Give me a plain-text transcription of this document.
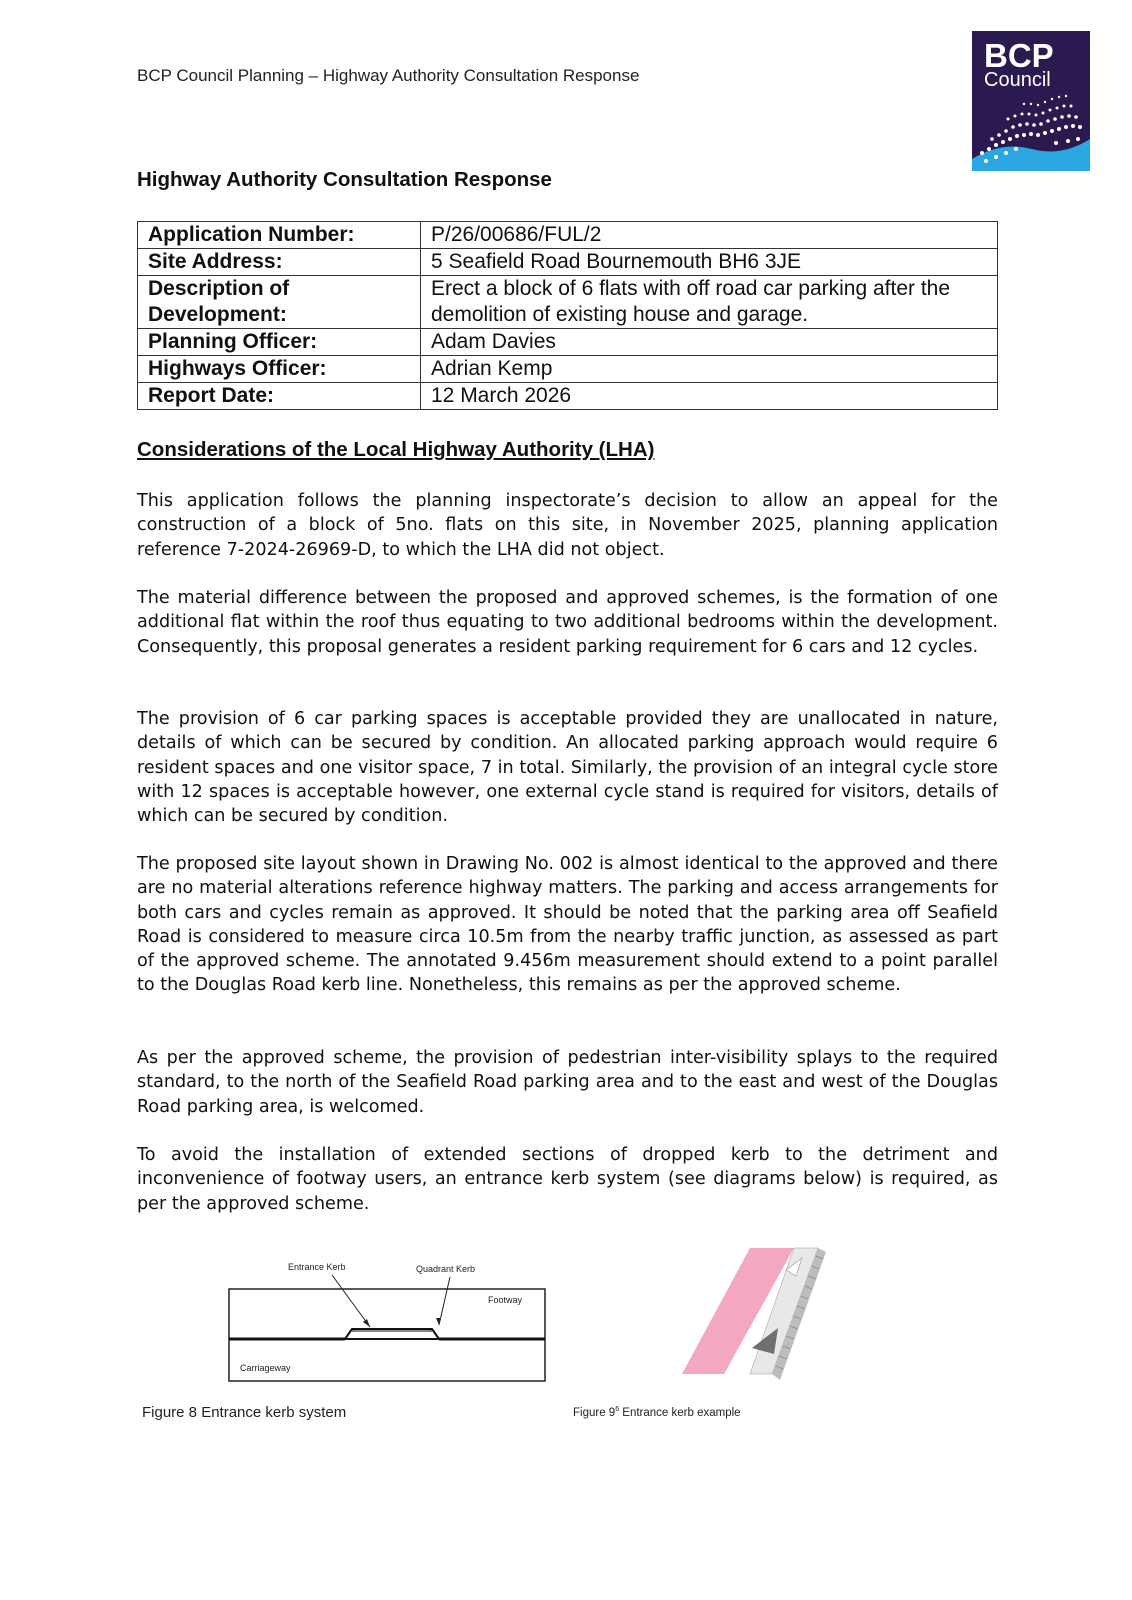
BCP Council Planning – Highway Authority Consultation Response
BCP
Council
Highway Authority Consultation Response
Application Number:	P/26/00686/FUL/2
Site Address:	5 Seafield Road Bournemouth BH6 3JE
Description of Development:	Erect a block of 6 flats with off road car parking after the demolition of existing house and garage.
Planning Officer:	Adam Davies
Highways Officer:	Adrian Kemp
Report Date:	12 March 2026
Considerations of the Local Highway Authority (LHA)

This application follows the planning inspectorate’s decision to allow an appeal for the construction of a block of 5no. flats on this site, in November 2025, planning application reference 7-2024-26969-D, to which the LHA did not object.

The material difference between the proposed and approved schemes, is the formation of one additional flat within the roof thus equating to two additional bedrooms within the development. Consequently, this proposal generates a resident parking requirement for 6 cars and 12 cycles.

The provision of 6 car parking spaces is acceptable provided they are unallocated in nature, details of which can be secured by condition. An allocated parking approach would require 6 resident spaces and one visitor space, 7 in total. Similarly, the provision of an integral cycle store with 12 spaces is acceptable however, one external cycle stand is required for visitors, details of which can be secured by condition.

The proposed site layout shown in Drawing No. 002 is almost identical to the approved and there are no material alterations reference highway matters. The parking and access arrangements for both cars and cycles remain as approved. It should be noted that the parking area off Seafield Road is considered to measure circa 10.5m from the nearby traffic junction, as assessed as part of the approved scheme. The annotated 9.456m measurement should extend to a point parallel to the Douglas Road kerb line. Nonetheless, this remains as per the approved scheme.

As per the approved scheme, the provision of pedestrian inter-visibility splays to the required standard, to the north of the Seafield Road parking area and to the east and west of the Douglas Road parking area, is welcomed.

To avoid the installation of extended sections of dropped kerb to the detriment and inconvenience of footway users, an entrance kerb system (see diagrams below) is required, as per the approved scheme.

Entrance Kerb	Quadrant Kerb
Footway
Carriageway
Figure 8 Entrance kerb system	Figure $9^6$ Entrance kerb example
